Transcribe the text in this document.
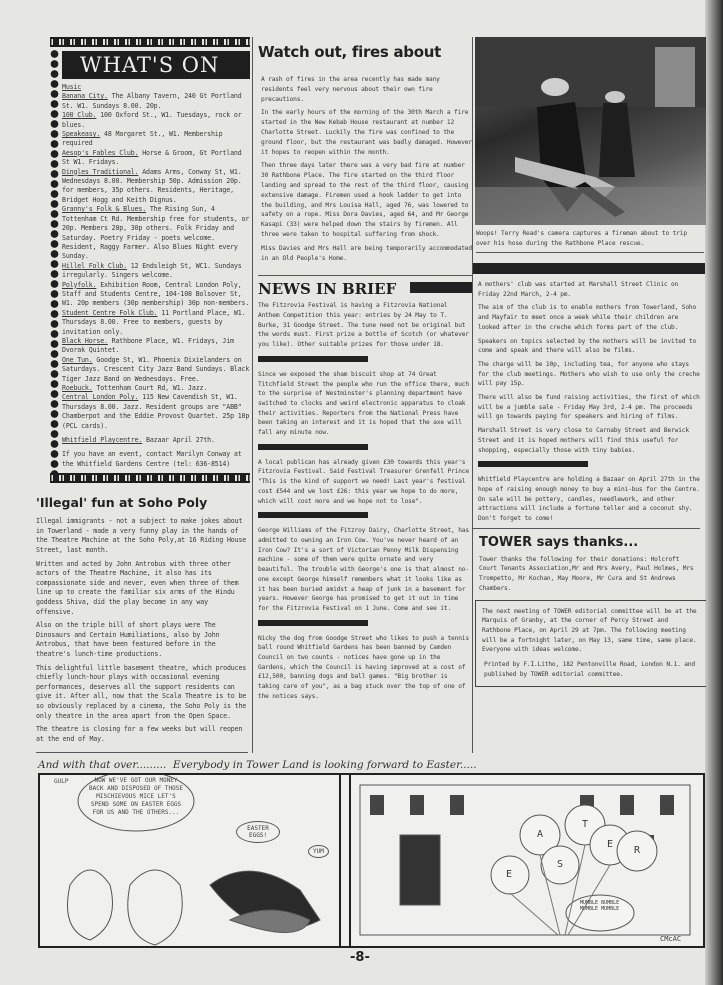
WHAT'S ON
Music
Banana City. The Albany Tavern, 240 Gt Portland St. W1. Sundays 8.00. 20p.
100 Club. 100 Oxford St., W1. Tuesdays, rock or blues.
Speakeasy. 48 Margaret St., W1. Membership required
Aesop's Fables Club. Horse & Groom, Gt Portland St W1. Fridays.
Dingles Traditional. Adams Arms, Conway St, W1. Wednesdays 8.00. Membership 50p. Admission 20p. for members, 35p others. Residents, Heritage, Bridget Hogg and Keith Dignus.
Granny's Folk & Blues. The Rising Sun, 4 Tottenham Ct Rd. Membership free for students, or 20p. Members 20p, 30p others. Folk Friday and Saturday. Poetry Friday - poets welcome. Resident, Raggy Farmer. Also Blues Night every Sunday.
Hillel Folk Club. 12 Endsleigh St, WC1. Sundays irregularly. Singers welcome.
Polyfolk. Exhibition Room, Central London Poly, Staff and Students Centre, 104-108 Bolsover St, W1. 20p members (30p membership) 30p non-members.
Student Centre Folk Club. 11 Portland Place, W1. Thursdays 8.00. Free to members, guests by invitation only.
Black Horse. Rathbone Place, W1. Fridays, Jim Dvorak Quintet.
One Tun. Goodge St, W1. Phoenix Dixielanders on Saturdays. Crescent City Jazz Band Sundays. Black Tiger Jazz Band on Wednesdays. Free.
Roebuck. Tottenham Court Rd, W1. Jazz.
Central London Poly. 115 New Cavendish St, W1. Thursdays 8.00. Jazz. Resident groups are "ABB" Chamberpot and the Eddie Provost Quartet. 25p 10p (PCL cards).
Whitfield Playcentre. Bazaar April 27th.
If you have an event, contact Marilyn Conway at the Whitfield Gardens Centre (tel: 636-8514)
'Illegal' fun at Soho Poly

Illegal immigrants - not a subject to make jokes about in Towerland - made a very funny play in the hands of the Theatre Machine at the Soho Poly,at 16 Riding House Street, last month.

Written and acted by John Antrobus with three other actors of the Theatre Machine, it also has its compassionate side and never, even when three of them line up to create the familiar six arms of the Hindu goddess Shiva, did the play become in any way offensive.

Also on the triple bill of short plays were The Dinosaurs and Certain Humiliations, also by John Antrobus, that have been featured before in the theatre's lunch-time productions.

This delightful little basement theatre, which produces chiefly lunch-hour plays with occasional evening performances, deserves all the support residents can give it. After all, now that the Scala Theatre is to be so obviously replaced by a cinema, the Soho Poly is the only theatre in the area apart from the Open Space.

The theatre is closing for a few weeks but will reopen at the end of May.

Watch out, fires about

A rash of fires in the area recently has made many residents feel very nervous about their own fire precautions.

In the early hours of the morning of the 30th March a fire started in the New Kebab House restaurant at number 12 Charlotte Street. Luckily the fire was confined to the ground floor, but the restaurant was badly damaged. However it hopes to reopen within the month.

Then three days later there was a very bad fire at number 30 Rathbone Place. The fire started on the third floor landing and spread to the rest of the third floor, causing extensive damage. Firemen used a hook ladder to get into the building, and Mrs Louisa Hall, aged 76, was lowered to safety on a rope. Miss Dora Davies, aged 64, and Mr George Kasapi (33) were helped down the stairs by firemen. All three were taken to hospital suffering from shock.

Miss Davies and Mrs Hall are being temporarily accommodated in an Old People's Home.

NEWS IN BRIEF

The Fitzrovia Festival is having a Fitzrovia National Anthem Competition this year: entries by 24 May to T. Burke, 31 Goodge Street. The tune need not be original but the words must. First prize a bottle of Scotch (or whatever you like). Other suitable prizes for those under 18.

Since we exposed the sham biscuit shop at 74 Great Titchfield Street the people who run the office there, much to the surprise of Westminster's planning department have switched to clocks and weird electronic apparatus to cloak their activities. Reporters from the National Press have been taking an interest and it is hoped that the axe will fall any minute now.

A local publican has already given £30 towards this year's Fitzrovia Festival. Said Festival Treasurer Grenfell Prince "This is the kind of support we need! Last year's festival cost £544 and we lost £26: this year we hope to do more, which will cost more and we hope not to lose".

George Williams of the Fitzroy Dairy, Charlotte Street, has admitted to owning an Iron Cow. You've never heard of an Iron Cow? It's a sort of Victorian Penny Milk Dispensing machine - some of them were quite ornate and very beautiful. The trouble with George's one is that almost no-one except George himself remembers what it looks like as it has been buried amidst a heap of junk in a basement for years. However George has promised to get it out in time for the Fitzrovia Festival on 1 June. Come and see it.

Nicky the dog from Goodge Street who likes to push a tennis ball round Whitfield Gardens has been banned by Camden Council on two counts - notices have gone up in the Gardens, which the Council is having improved at a cost of £12,500, banning dogs and ball games. "Big brother is taking care of you", as a bag stuck over the top of one of the notices says.

Woops! Terry Read's camera captures a fireman about to trip over his hose during the Rathbone Place rescue.

A mothers' club was started at Marshall Street Clinic on Friday 22nd March, 2-4 pm.

The aim of the club is to enable mothers from Towerland, Soho and Mayfair to meet once a week while their children are looked after in the creche which forms part of the club.

Speakers on topics selected by the mothers will be invited to come and speak and there will also be films.

The charge will be 10p, including tea, for anyone who stays for the club meetings. Mothers who wish to use only the creche will pay 15p.

There will also be fund raising activities, the first of which will be a jumble sale - Friday May 3rd, 2-4 pm. The proceeds will go towards paying for speakers and hiring of films.

Marshall Street is very close to Carnaby Street and Berwick Street and it is hoped mothers will find this useful for shopping, especially those with tiny babies.

Whitfield Playcentre are holding a Bazaar on April 27th in the hope of raising enough money to buy a mini-bus for the Centre. On sale will be pottery, candles, needlework, and other attractions will include a fortune teller and a coconut shy. Don't forget to come!

TOWER says thanks...
Tower thanks the following for their donations: Holcroft Court Tenants Association,Mr and Mrs Avery, Paul Holmes, Mrs Trompetto, Mr Kochan, May Moore, Mr Cura and St Andrews Chambers.

The next meeting of TOWER editorial committee will be at the Marquis of Granby, at the corner of Percy Street and Rathbone Place, on April 29 at 7pm. The following meeting will be a fortnight later, on May 13, same time, same place. Everyone with ideas welcome.

Printed by F.I.Litho, 182 Pentonville Road, London N.1. and published by TOWER editorial committee.

And with that over.........  Everybody in Tower Land is looking forward to Easter.....
NOW WE'VE GOT OUR MONEY BACK AND DISPOSED OF THOSE MISCHIEVOUS MICE LET'S SPEND SOME ON EASTER EGGS FOR US AND THE OTHERS...
GULP
EASTER EGGS!
YUM
E
A
S
T
E
R
MUMBLE BUMBLE MUMBLE MUMBLE
CMcAC
-8-
